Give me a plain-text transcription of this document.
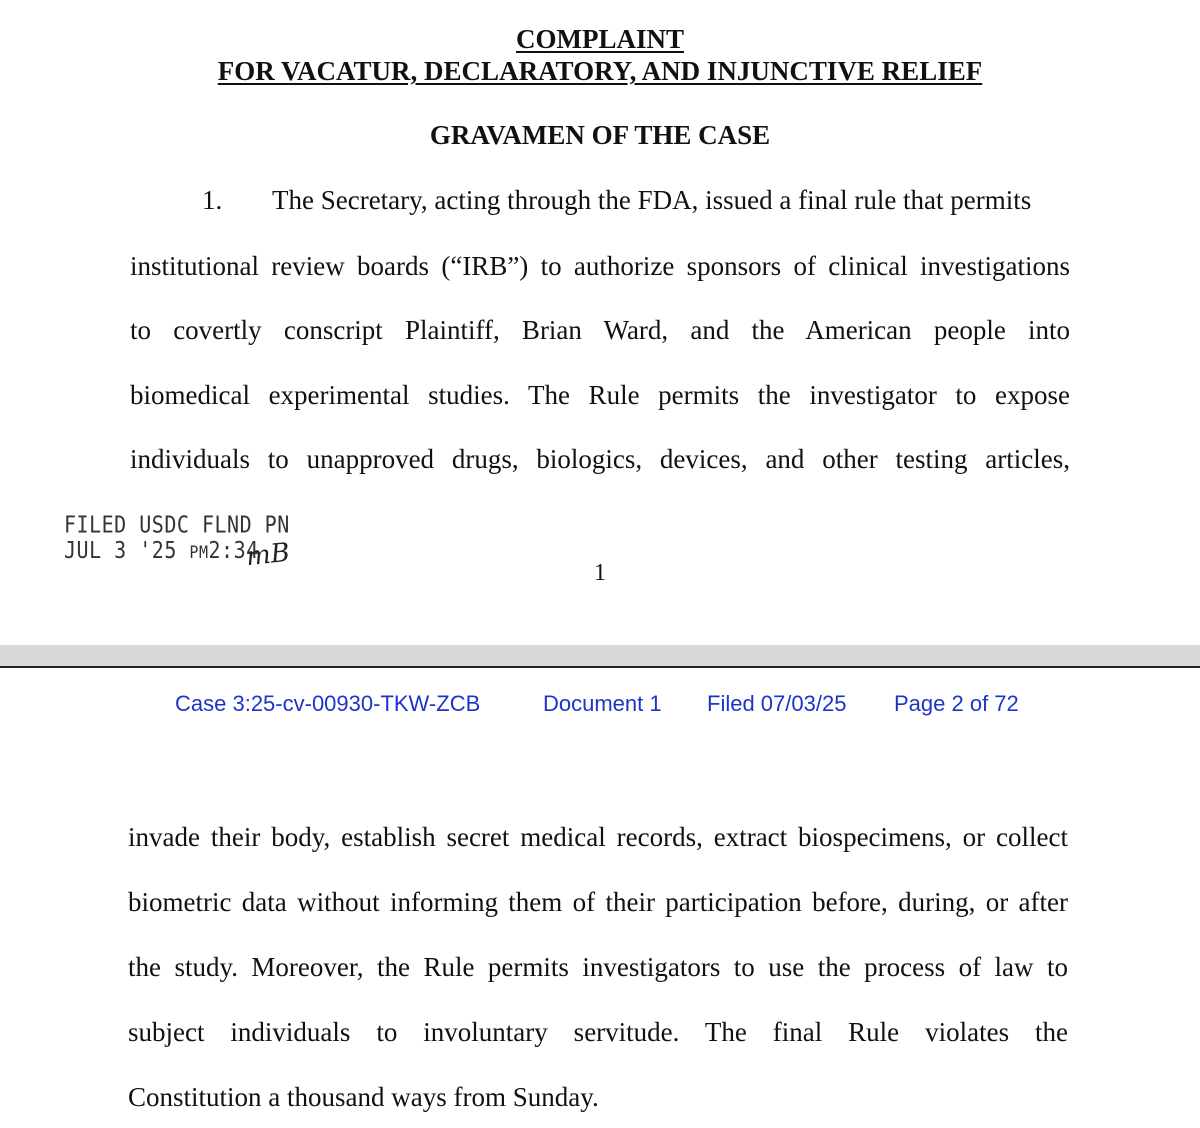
COMPLAINT
FOR VACATUR, DECLARATORY, AND INJUNCTIVE RELIEF
GRAVAMEN OF THE CASE
1. The Secretary, acting through the FDA, issued a final rule that permits
institutional review boards (“IRB”) to authorize sponsors of clinical investigations
to covertly conscript Plaintiff, Brian Ward, and the American people into
biomedical experimental studies. The Rule permits the investigator to expose
individuals to unapproved drugs, biologics, devices, and other testing articles,
FILED USDC FLND PN
JUL 3 '25 PM2:34
mB
1
Case 3:25-cv-00930-TKW-ZCB	Document 1 Filed 07/03/25 Page 2 of 72
invade their body, establish secret medical records, extract biospecimens, or collect
biometric data without informing them of their participation before, during, or after
the study. Moreover, the Rule permits investigators to use the process of law to
subject individuals to involuntary servitude. The final Rule violates the
Constitution a thousand ways from Sunday.
